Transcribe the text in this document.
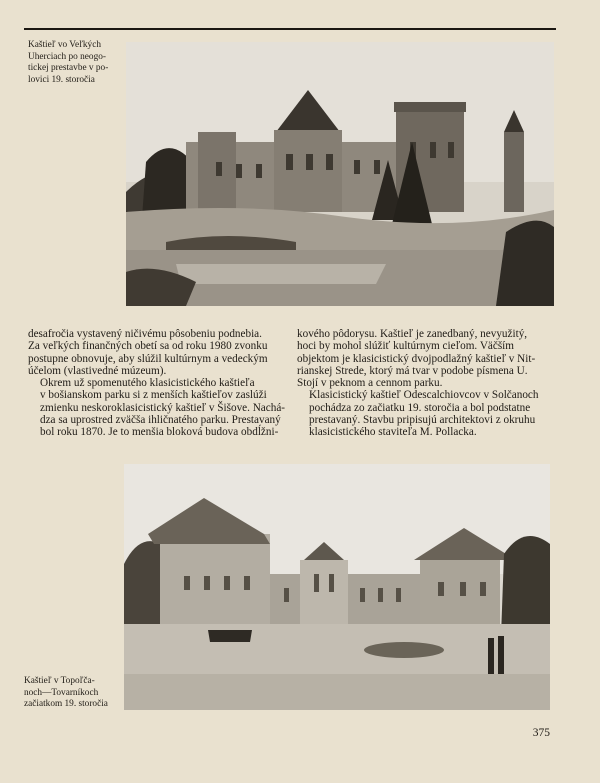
Kaštieľ vo Veľkých
Uherciach po neogo-
tickej prestavbe v po-
lovici 19. storočia

desafročia vystavený ničivému pôsobeniu podnebia.
Za veľkých finančných obetí sa od roku 1980 zvonku
postupne obnovuje, aby slúžil kultúrnym a vedeckým
účelom (vlastivedné múzeum).

Okrem už spomenutého klasicistického kaštieľa
v bošianskom parku si z menších kaštieľov zaslúži
zmienku neskoroklasicistický kaštieľ v Šišove. Nachá-
dza sa uprostred zväčša ihličnatého parku. Prestavaný
bol roku 1870. Je to menšia bloková budova obdĺžni-

kového pôdorysu. Kaštieľ je zanedbaný, nevyužitý,
hoci by mohol slúžiť kultúrnym cieľom. Väčším
objektom je klasicistický dvojpodlažný kaštieľ v Nit-
rianskej Strede, ktorý má tvar v podobe písmena U.
Stojí v peknom a cennom parku.

Klasicistický kaštieľ Odescalchiovcov v Solčanoch
pochádza zo začiatku 19. storočia a bol podstatne
prestavaný. Stavbu pripisujú architektovi z okruhu
klasicistického staviteľa M. Pollacka.

Kaštieľ v Topoľča-
noch—Tovarníkoch
začiatkom 19. storočia
375
